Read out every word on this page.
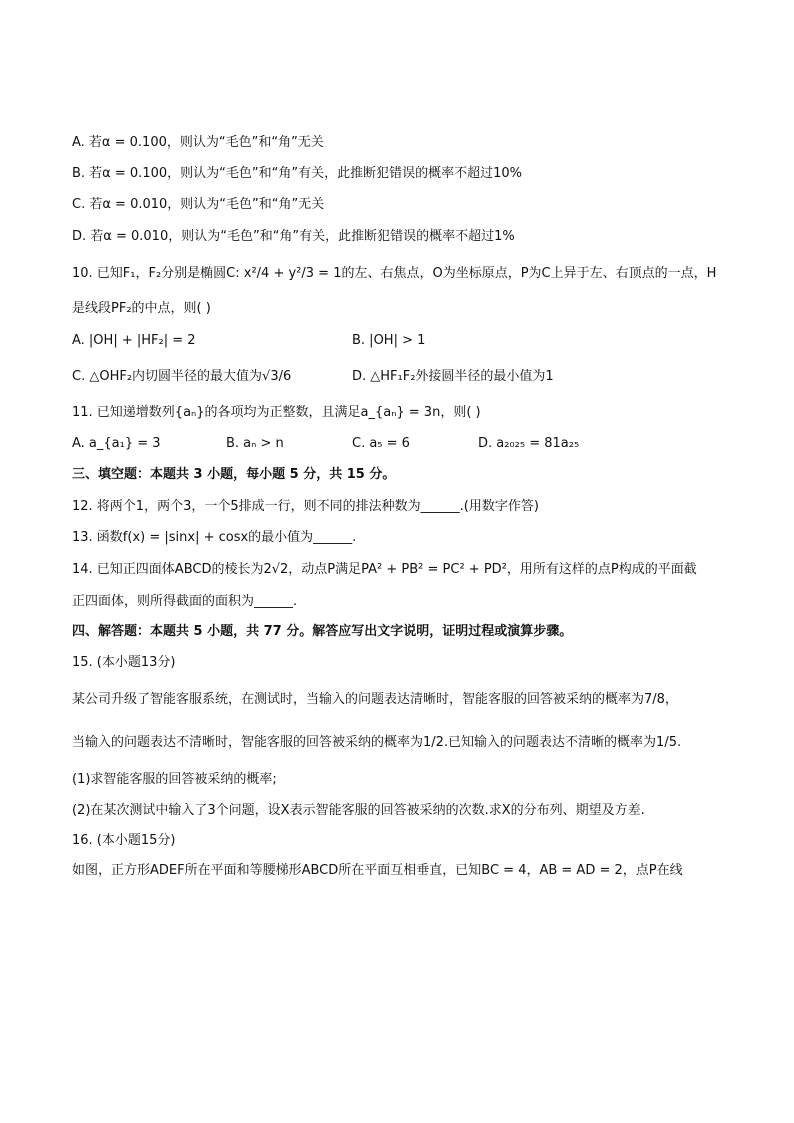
A. 若α = 0.100，则认为“毛色”和“角”无关
B. 若α = 0.100，则认为“毛色”和“角”有关，此推断犯错误的概率不超过10%
C. 若α = 0.010，则认为“毛色”和“角”无关
D. 若α = 0.010，则认为“毛色”和“角”有关，此推断犯错误的概率不超过1%
10. 已知F₁，F₂分别是椭圆C: x²/4 + y²/3 = 1的左、右焦点，O为坐标原点，P为C上异于左、右顶点的一点，H
是线段PF₂的中点，则( )
A. |OH| + |HF₂| = 2	B. |OH| > 1
C. △OHF₂内切圆半径的最大值为√3/6	D. △HF₁F₂外接圆半径的最小值为1
11. 已知递增数列{aₙ}的各项均为正整数，且满足a_{aₙ} = 3n，则( )
A. a_{a₁} = 3	B. aₙ > n	C. a₅ = 6	D. a₂₀₂₅ = 81a₂₅
三、填空题：本题共 3 小题，每小题 5 分，共 15 分。
12. 将两个1，两个3，一个5排成一行，则不同的排法种数为______.(用数字作答)
13. 函数f(x) = |sinx| + cosx的最小值为______.
14. 已知正四面体ABCD的棱长为2√2，动点P满足PA² + PB² = PC² + PD²，用所有这样的点P构成的平面截
正四面体，则所得截面的面积为______.
四、解答题：本题共 5 小题，共 77 分。解答应写出文字说明，证明过程或演算步骤。
15. (本小题13分)
某公司升级了智能客服系统，在测试时，当输入的问题表达清晰时，智能客服的回答被采纳的概率为7/8，
当输入的问题表达不清晰时，智能客服的回答被采纳的概率为1/2.已知输入的问题表达不清晰的概率为1/5.
(1)求智能客服的回答被采纳的概率;
(2)在某次测试中输入了3个问题，设X表示智能客服的回答被采纳的次数.求X的分布列、期望及方差.
16. (本小题15分)
如图，正方形ADEF所在平面和等腰梯形ABCD所在平面互相垂直，已知BC = 4，AB = AD = 2，点P在线
